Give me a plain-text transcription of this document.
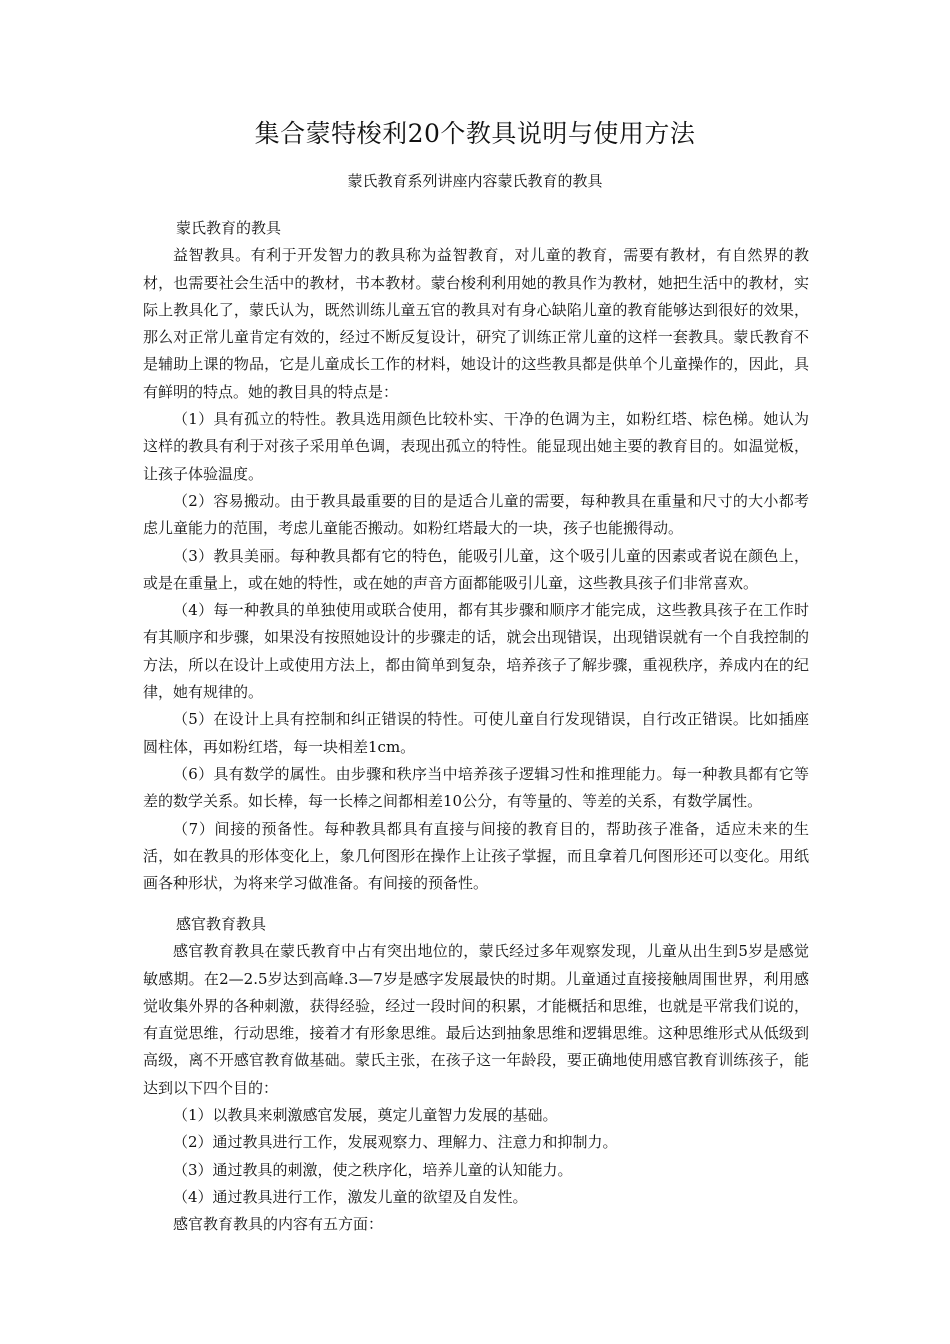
集合蒙特梭利20个教具说明与使用方法
蒙氏教育系列讲座内容蒙氏教育的教具

蒙氏教育的教具

益智教具。有利于开发智力的教具称为益智教育，对儿童的教育，需要有教材，有自然界的教材，也需要社会生活中的教材，书本教材。蒙台梭利利用她的教具作为教材，她把生活中的教材，实际上教具化了，蒙氏认为，既然训练儿童五官的教具对有身心缺陷儿童的教育能够达到很好的效果，那么对正常儿童肯定有效的，经过不断反复设计，研究了训练正常儿童的这样一套教具。蒙氏教育不是辅助上课的物品，它是儿童成长工作的材料，她设计的这些教具都是供单个儿童操作的，因此，具有鲜明的特点。她的教目具的特点是：

（1）具有孤立的特性。教具选用颜色比较朴实、干净的色调为主，如粉红塔、棕色梯。她认为这样的教具有利于对孩子采用单色调，表现出孤立的特性。能显现出她主要的教育目的。如温觉板，让孩子体验温度。

（2）容易搬动。由于教具最重要的目的是适合儿童的需要，每种教具在重量和尺寸的大小都考虑儿童能力的范围，考虑儿童能否搬动。如粉红塔最大的一块，孩子也能搬得动。

（3）教具美丽。每种教具都有它的特色，能吸引儿童，这个吸引儿童的因素或者说在颜色上，或是在重量上，或在她的特性，或在她的声音方面都能吸引儿童，这些教具孩子们非常喜欢。

（4）每一种教具的单独使用或联合使用，都有其步骤和顺序才能完成，这些教具孩子在工作时有其顺序和步骤，如果没有按照她设计的步骤走的话，就会出现错误，出现错误就有一个自我控制的方法，所以在设计上或使用方法上，都由简单到复杂，培养孩子了解步骤，重视秩序，养成内在的纪律，她有规律的。

（5）在设计上具有控制和纠正错误的特性。可使儿童自行发现错误，自行改正错误。比如插座圆柱体，再如粉红塔，每一块相差1cm。

（6）具有数学的属性。由步骤和秩序当中培养孩子逻辑习性和推理能力。每一种教具都有它等差的数学关系。如长棒，每一长棒之间都相差10公分，有等量的、等差的关系，有数学属性。

（7）间接的预备性。每种教具都具有直接与间接的教育目的，帮助孩子准备，适应未来的生活，如在教具的形体变化上，象几何图形在操作上让孩子掌握，而且拿着几何图形还可以变化。用纸画各种形状，为将来学习做准备。有间接的预备性。

感官教育教具

感官教育教具在蒙氏教育中占有突出地位的，蒙氏经过多年观察发现，儿童从出生到5岁是感觉敏感期。在2—2.5岁达到高峰.3—7岁是感字发展最快的时期。儿童通过直接接触周围世界，利用感觉收集外界的各种刺激，获得经验，经过一段时间的积累，才能概括和思维，也就是平常我们说的，有直觉思维，行动思维，接着才有形象思维。最后达到抽象思维和逻辑思维。这种思维形式从低级到高级，离不开感官教育做基础。蒙氏主张，在孩子这一年龄段，要正确地使用感官教育训练孩子，能达到以下四个目的：

（1）以教具来刺激感官发展，奠定儿童智力发展的基础。

（2）通过教具进行工作，发展观察力、理解力、注意力和抑制力。

（3）通过教具的刺激，使之秩序化，培养儿童的认知能力。

（4）通过教具进行工作，激发儿童的欲望及自发性。

感官教育教具的内容有五方面：
